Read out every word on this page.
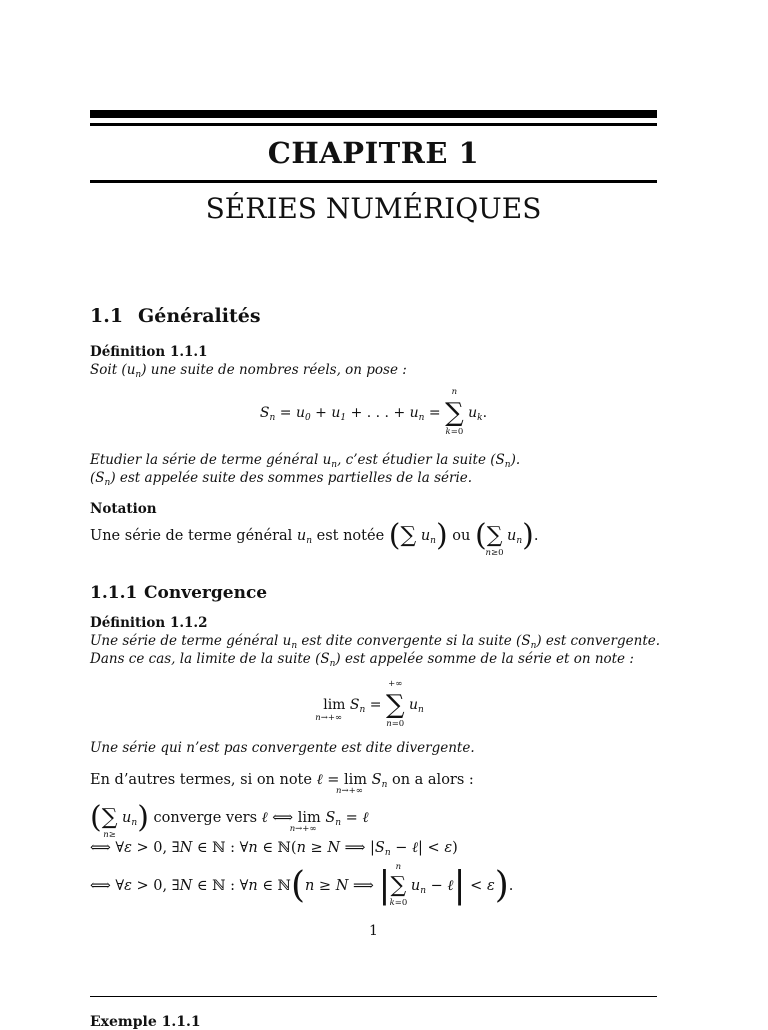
CHAPITRE 1
SÉRIES NUMÉRIQUES
1.1 Généralités
Définition 1.1.1
Soit $(u_n)$ une suite de nombres réels, on pose :
$S_n = u_0 + u_1$ + . . . + $u_n$ = ∑
n
k=0
$u_k$.
Etudier la série de terme général $u_n$, c’est étudier la suite $(S_n)$.
$(S_n)$ est appelée suite des sommes partielles de la série.
Notation
Une série de terme général $u_n$ est notée (∑ $u_n$) ou (∑
n≥0
$u_n$).
1.1.1 Convergence
Définition 1.1.2
Une série de terme général $u_n$ est dite convergente si la suite $(S_n)$ est convergente.
Dans ce cas, la limite de la suite $(S_n)$ est appelée somme de la série et on note :
lim
n→+∞
$S_n$ = ∑
+∞
n=0
$u_n$
Une série qui n’est pas convergente est dite divergente.
En d’autres termes, si on note ℓ = lim
n→+∞
$S_n$ on a alors :
(∑
n≥
$u_n$) converge vers ℓ ⟺ lim
n→+∞
$S_n$ = ℓ
⟺ ∀ε > 0, ∃N ∈ ℕ : ∀n ∈ ℕ(n ≥ N ⟹ $|S_n$ − ℓ| < ε)
⟺ ∀ε > 0, ∃N ∈ ℕ : ∀n ∈ ℕ(n ≥ N ⟹ |∑
n
k=0
$u_n$ − ℓ| < ε).
1
Exemple 1.1.1
